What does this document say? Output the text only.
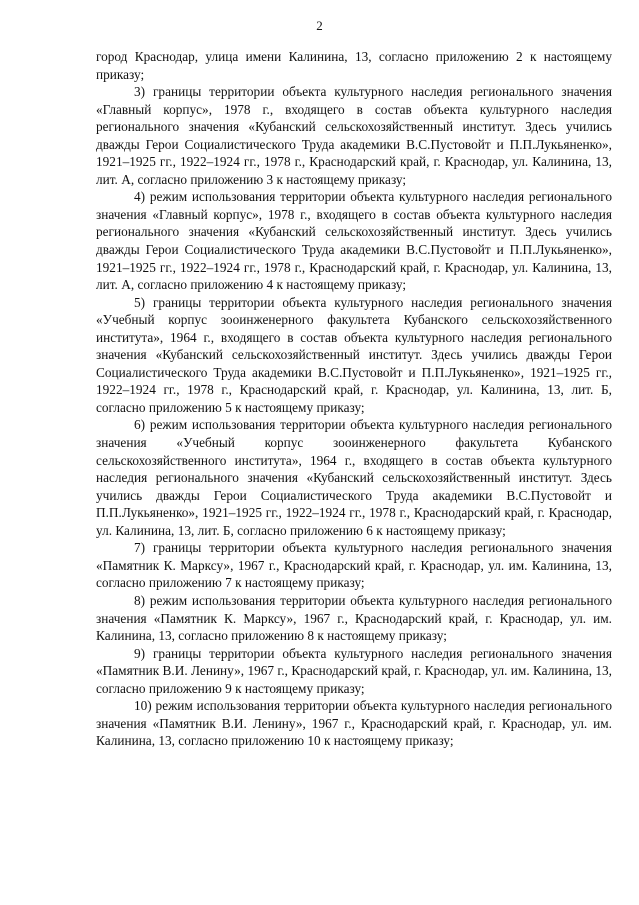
2

город Краснодар, улица имени Калинина, 13, согласно приложению 2 к настоящему приказу;

3) границы территории объекта культурного наследия регионального значения «Главный корпус», 1978 г., входящего в состав объекта культурного наследия регионального значения «Кубанский сельскохозяйственный институт. Здесь учились дважды Герои Социалистического Труда академики В.С.Пустовойт и П.П.Лукьяненко», 1921–1925 гг., 1922–1924 гг., 1978 г., Краснодарский край, г. Краснодар, ул. Калинина, 13, лит. А, согласно приложению 3 к настоящему приказу;

4) режим использования территории объекта культурного наследия регионального значения «Главный корпус», 1978 г., входящего в состав объекта культурного наследия регионального значения «Кубанский сельскохозяйственный институт. Здесь учились дважды Герои Социалистического Труда академики В.С.Пустовойт и П.П.Лукьяненко», 1921–1925 гг., 1922–1924 гг., 1978 г., Краснодарский край, г. Краснодар, ул. Калинина, 13, лит. А, согласно приложению 4 к настоящему приказу;

5) границы территории объекта культурного наследия регионального значения «Учебный корпус зооинженерного факультета Кубанского сельскохозяйственного института», 1964 г., входящего в состав объекта культурного наследия регионального значения «Кубанский сельскохозяйственный институт. Здесь учились дважды Герои Социалистического Труда академики В.С.Пустовойт и П.П.Лукьяненко», 1921–1925 гг., 1922–1924 гг., 1978 г., Краснодарский край, г. Краснодар, ул. Калинина, 13, лит. Б, согласно приложению 5 к настоящему приказу;

6) режим использования территории объекта культурного наследия регионального значения «Учебный корпус зооинженерного факультета Кубанского сельскохозяйственного института», 1964 г., входящего в состав объекта культурного наследия регионального значения «Кубанский сельскохозяйственный институт. Здесь учились дважды Герои Социалистического Труда академики В.С.Пустовойт и П.П.Лукьяненко», 1921–1925 гг., 1922–1924 гг., 1978 г., Краснодарский край, г. Краснодар, ул. Калинина, 13, лит. Б, согласно приложению 6 к настоящему приказу;

7) границы территории объекта культурного наследия регионального значения «Памятник К. Марксу», 1967 г., Краснодарский край, г. Краснодар, ул. им. Калинина, 13, согласно приложению 7 к настоящему приказу;

8) режим использования территории объекта культурного наследия регионального значения «Памятник К. Марксу», 1967 г., Краснодарский край, г. Краснодар, ул. им. Калинина, 13, согласно приложению 8 к настоящему приказу;

9) границы территории объекта культурного наследия регионального значения «Памятник В.И. Ленину», 1967 г., Краснодарский край, г. Краснодар, ул. им. Калинина, 13, согласно приложению 9 к настоящему приказу;

10) режим использования территории объекта культурного наследия регионального значения «Памятник В.И. Ленину», 1967 г., Краснодарский край, г. Краснодар, ул. им. Калинина, 13, согласно приложению 10 к настоящему приказу;
